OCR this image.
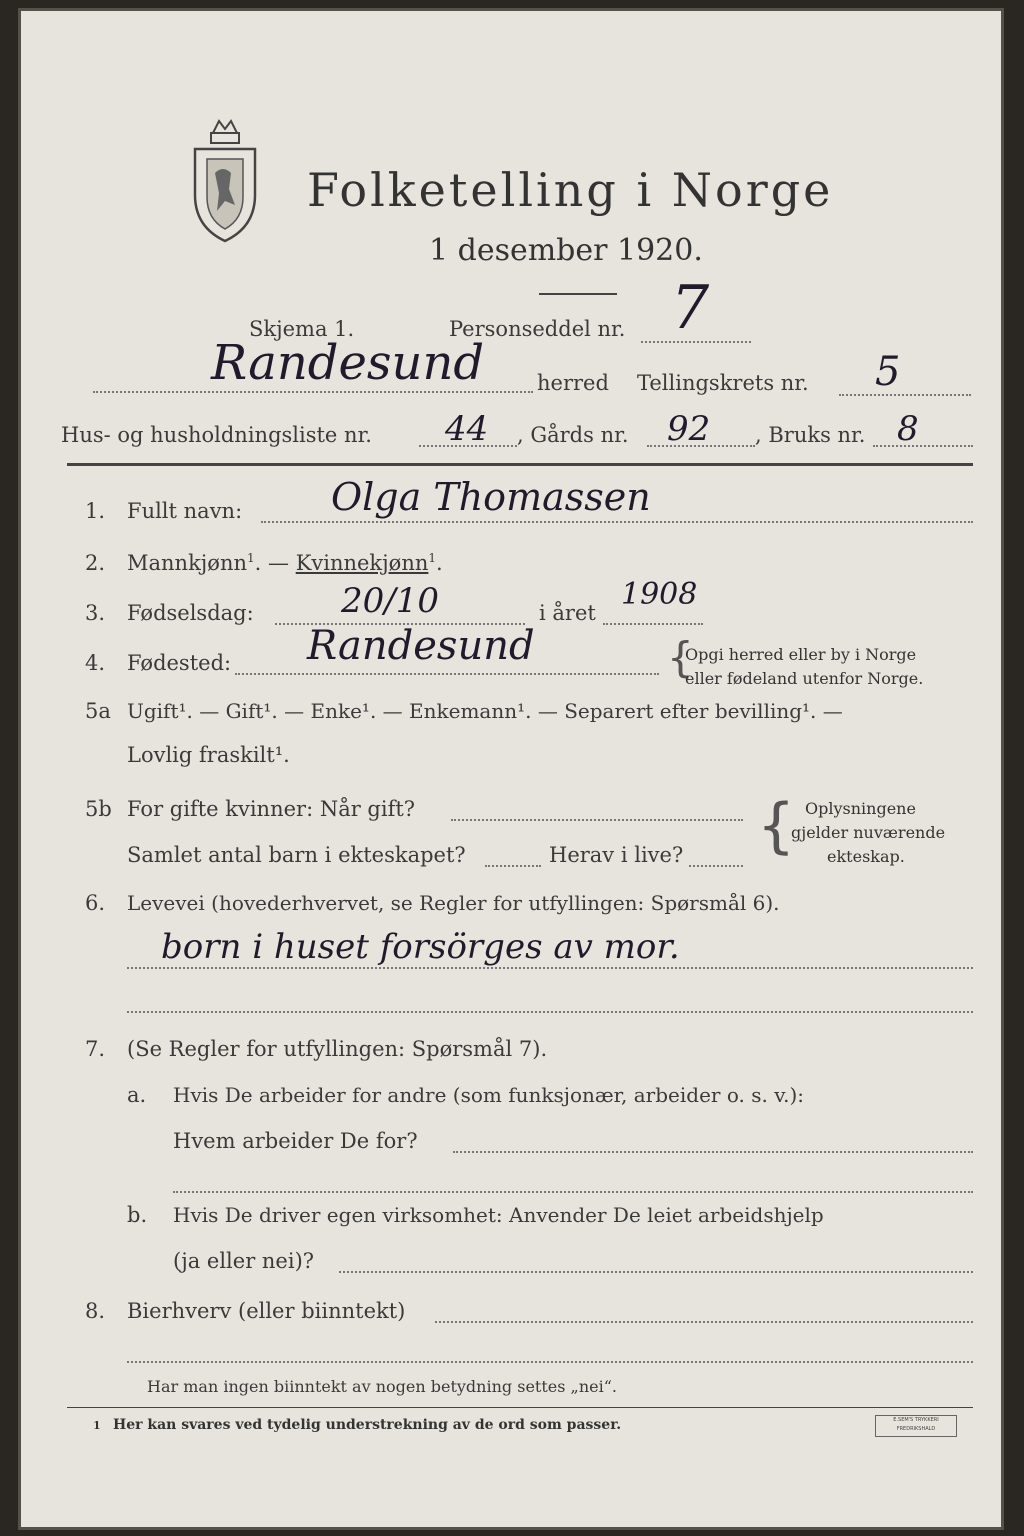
Folketelling i Norge
1 desember 1920.
Skjema 1.	Personseddel nr. 7
Randesund	herred Tellingskrets nr. 5
Hus- og husholdningsliste nr. 44 , Gårds nr. 92 , Bruks nr. 8
1. Fullt navn: Olga Thomassen
2. Mannkjønn$^1$. — Kvinnekjønn$^1$.
3. Fødselsdag:	20/10	i året
1908
4. Fødested: Randesund	{
Opgi herred eller by i Norge
eller fødeland utenfor Norge.
5a Ugift¹. — Gift¹. — Enke¹. — Enkemann¹. — Separert efter bevilling¹. —
Lovlig fraskilt¹.
5b For gifte kvinner: Når gift?
Samlet antal barn i ekteskapet?	Herav i live? { Oplysningene
gjelder nuværende
ekteskap.
6. Levevei (hovederhvervet, se Regler for utfyllingen: Spørsmål 6).
born i huset forsörges av mor.
7. (Se Regler for utfyllingen: Spørsmål 7).
a. Hvis De arbeider for andre (som funksjonær, arbeider o. s. v.):
Hvem arbeider De for?
b. Hvis De driver egen virksomhet: Anvender De leiet arbeidshjelp
(ja eller nei)?
8. Bierhverv (eller biinntekt)
Har man ingen biinntekt av nogen betydning settes „nei“.
1 Her kan svares ved tydelig understrekning av de ord som passer.	E.SEM'S TRYKKERI
FREDRIKSHALD
